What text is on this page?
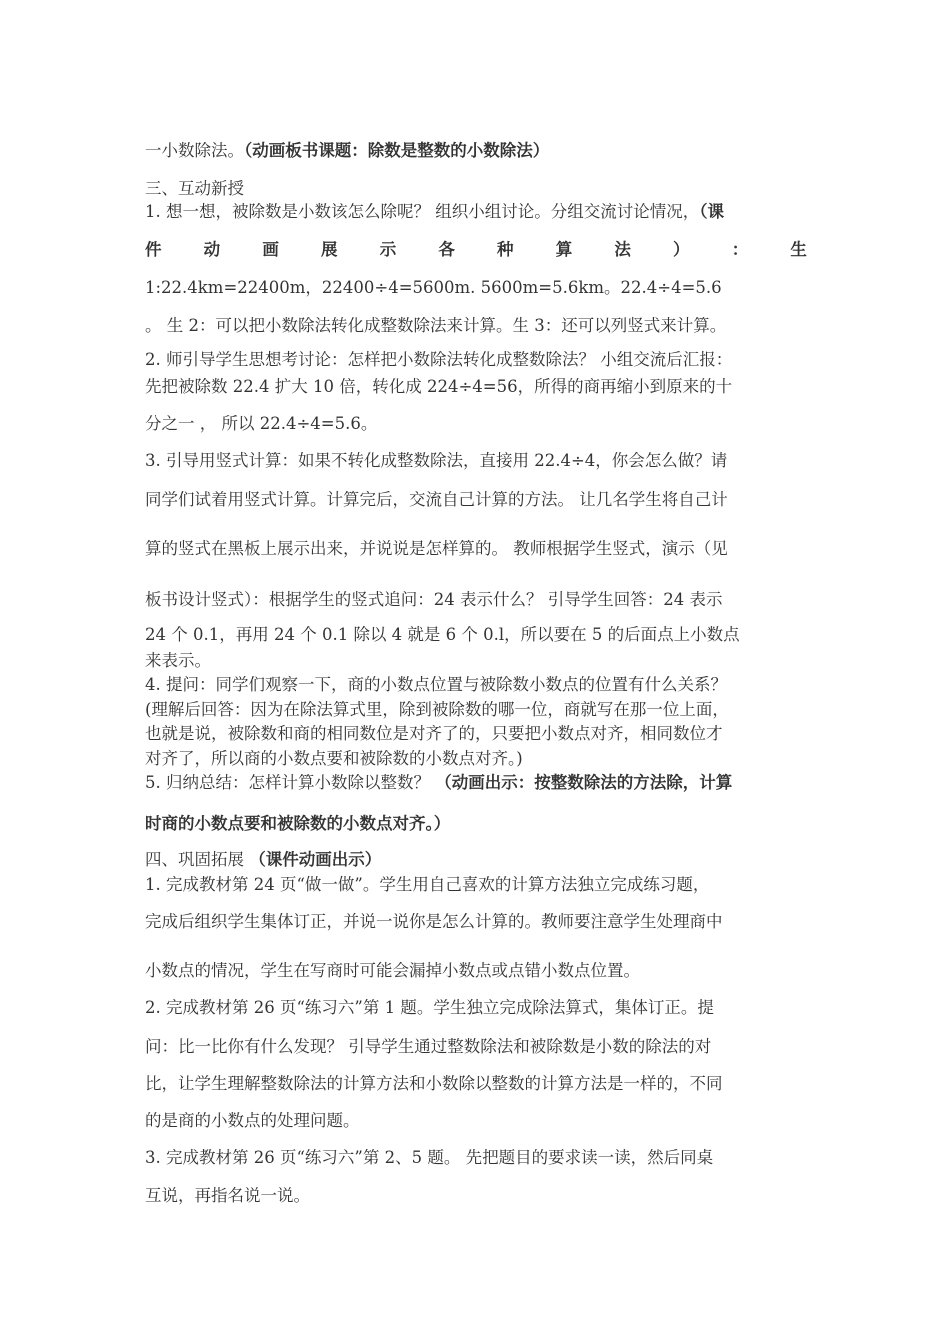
一小数除法。（动画板书课题：除数是整数的小数除法）
三、互动新授
1. 想一想，被除数是小数该怎么除呢？ 组织小组讨论。分组交流讨论情况，（课
件	动	画	展	示	各	种	算	法	）	：	生
1:22.4km=22400m，22400÷4=5600m. 5600m=5.6km。22.4÷4=5.6
。 生 2：可以把小数除法转化成整数除法来计算。生 3：还可以列竖式来计算。
2. 师引导学生思想考讨论：怎样把小数除法转化成整数除法？ 小组交流后汇报：
先把被除数 22.4 扩大 10 倍，转化成 224÷4=56，所得的商再缩小到原来的十
分之一 ， 所以 22.4÷4=5.6。
3. 引导用竖式计算：如果不转化成整数除法，直接用 22.4÷4，你会怎么做？请
同学们试着用竖式计算。计算完后，交流自己计算的方法。 让几名学生将自己计
算的竖式在黑板上展示出来，并说说是怎样算的。 教师根据学生竖式，演示（见
板书设计竖式）：根据学生的竖式追问：24 表示什么？ 引导学生回答：24 表示
24 个 0.1，再用 24 个 0.1 除以 4 就是 6 个 0.l，所以要在 5 的后面点上小数点
来表示。
4. 提问：同学们观察一下，商的小数点位置与被除数小数点的位置有什么关系？
(理解后回答：因为在除法算式里，除到被除数的哪一位，商就写在那一位上面，
也就是说，被除数和商的相同数位是对齐了的，只要把小数点对齐，相同数位才
对齐了，所以商的小数点要和被除数的小数点对齐。)
5. 归纳总结：怎样计算小数除以整数？ （动画出示：按整数除法的方法除，计算
时商的小数点要和被除数的小数点对齐。）
四、巩固拓展 （课件动画出示）
1. 完成教材第 24 页“做一做”。学生用自己喜欢的计算方法独立完成练习题，
完成后组织学生集体订正，并说一说你是怎么计算的。教师要注意学生处理商中
小数点的情况，学生在写商时可能会漏掉小数点或点错小数点位置。
2. 完成教材第 26 页“练习六”第 1 题。学生独立完成除法算式，集体订正。提
问：比一比你有什么发现？ 引导学生通过整数除法和被除数是小数的除法的对
比，让学生理解整数除法的计算方法和小数除以整数的计算方法是一样的，不同
的是商的小数点的处理问题。
3. 完成教材第 26 页“练习六”第 2、5 题。 先把题目的要求读一读，然后同桌
互说，再指名说一说。
